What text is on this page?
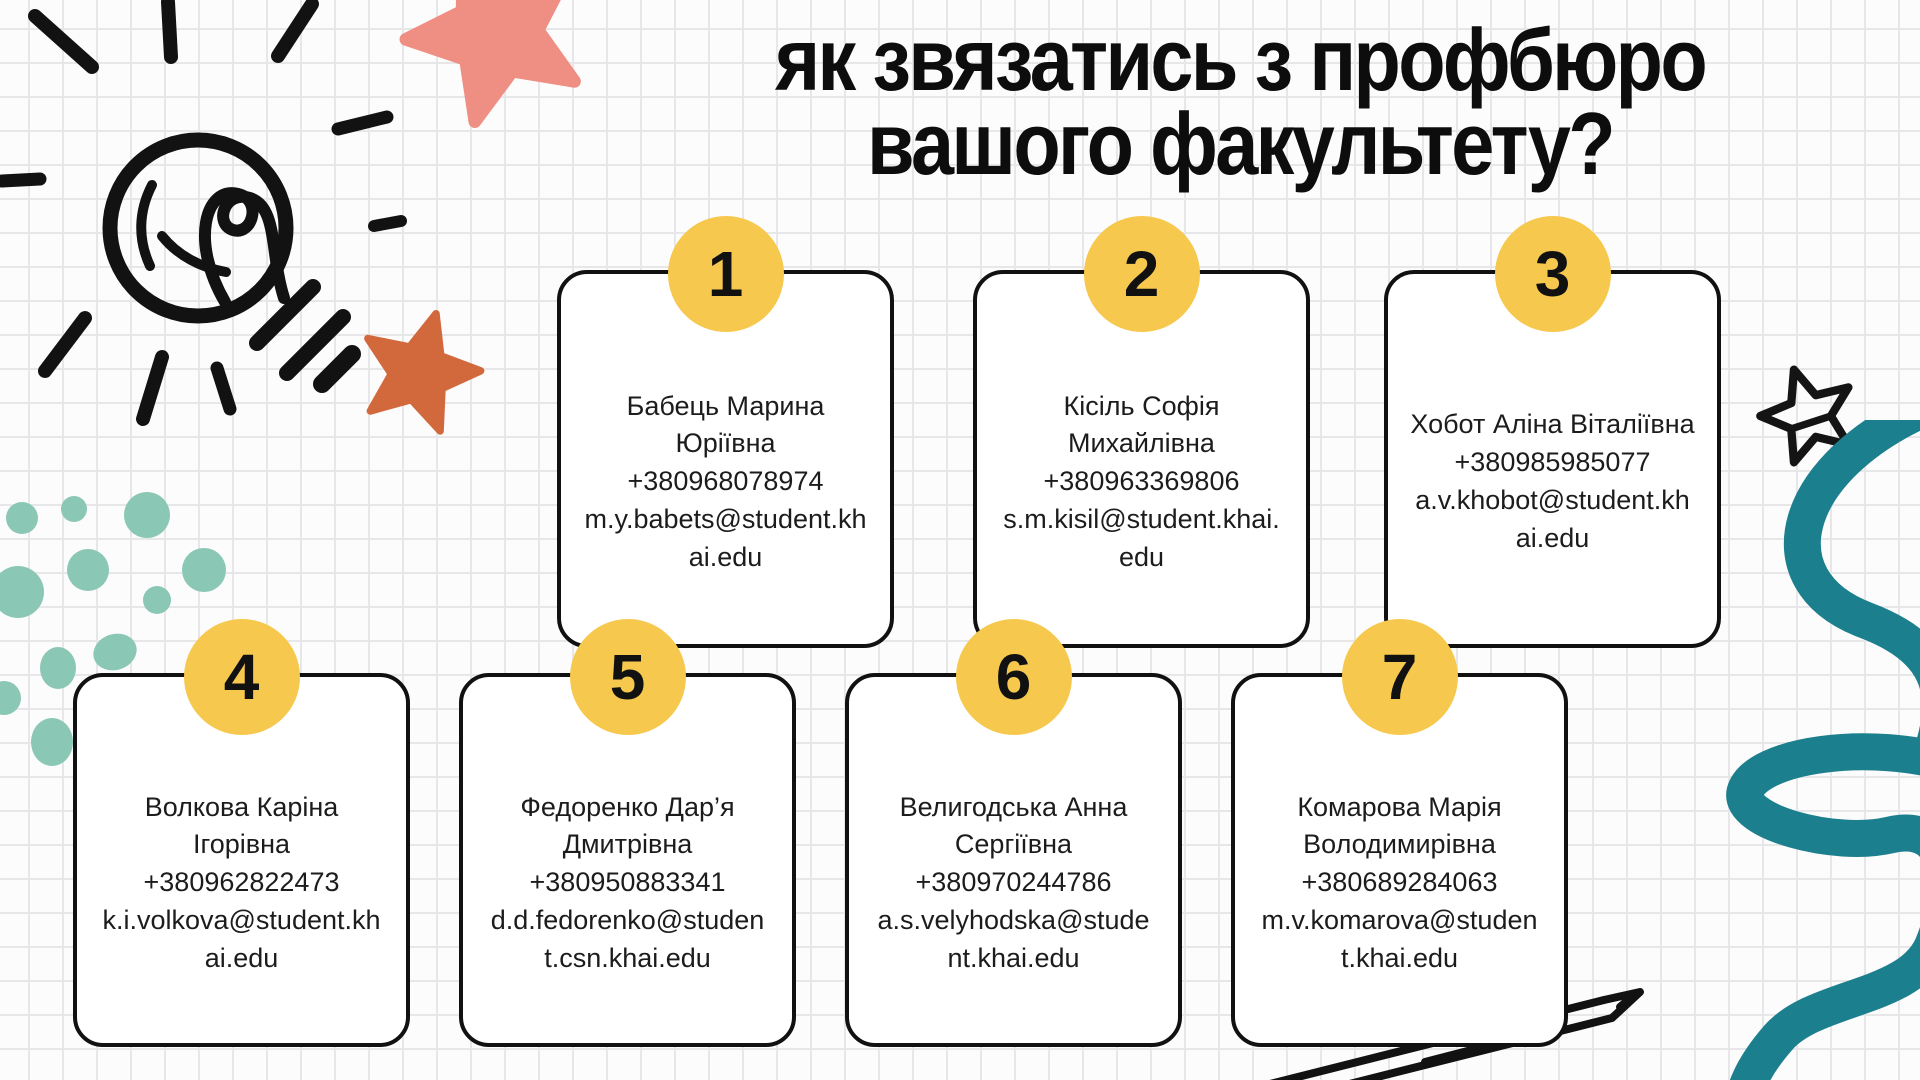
як звязатись з профбюро
вашого факультету?
1
Бабець Марина Юріївна
+380968078974
m.y.babets@student.khai.edu
2
Кісіль Софія Михайлівна
+380963369806
s.m.kisil@student.khai.edu
3
Хобот Аліна Віталіївна
+380985985077
a.v.khobot@student.khai.edu
4
Волкова Каріна Ігорівна
+380962822473
k.i.volkova@student.khai.edu
5
Федоренко Дар’я Дмитрівна
+380950883341
d.d.fedorenko@student.csn.khai.edu
6
Велигодська Анна Сергіївна
+380970244786
a.s.velyhodska@student.khai.edu
7
Комарова Марія Володимирівна
+380689284063
m.v.komarova@student.khai.edu
